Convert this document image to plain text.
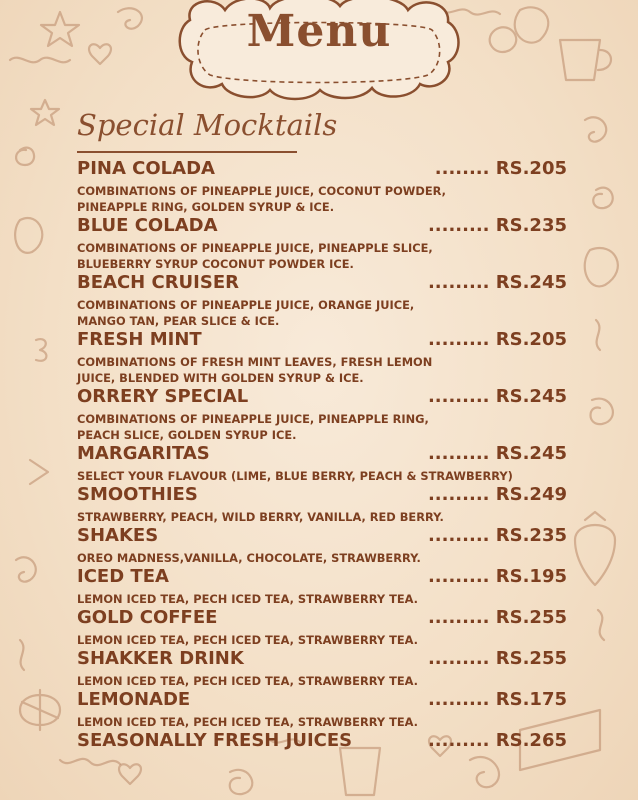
Menu
Special Mocktails
PINA COLADA	........ RS.205
COMBINATIONS OF PINEAPPLE JUICE, COCONUT POWDER,
PINEAPPLE RING, GOLDEN SYRUP & ICE.
BLUE COLADA	......... RS.235
COMBINATIONS OF PINEAPPLE JUICE, PINEAPPLE SLICE,
BLUEBERRY SYRUP COCONUT POWDER ICE.
BEACH CRUISER	......... RS.245
COMBINATIONS OF PINEAPPLE JUICE, ORANGE JUICE,
MANGO TAN, PEAR SLICE & ICE.
FRESH MINT	......... RS.205
COMBINATIONS OF FRESH MINT LEAVES, FRESH LEMON
JUICE, BLENDED WITH GOLDEN SYRUP & ICE.
ORRERY SPECIAL	......... RS.245
COMBINATIONS OF PINEAPPLE JUICE, PINEAPPLE RING,
PEACH SLICE, GOLDEN SYRUP ICE.
MARGARITAS	......... RS.245
SELECT YOUR FLAVOUR (LIME, BLUE BERRY, PEACH & STRAWBERRY)
SMOOTHIES	......... RS.249
STRAWBERRY, PEACH, WILD BERRY, VANILLA, RED BERRY.
SHAKES	......... RS.235
OREO MADNESS,VANILLA, CHOCOLATE, STRAWBERRY.
ICED TEA	......... RS.195
LEMON ICED TEA, PECH ICED TEA, STRAWBERRY TEA.
GOLD COFFEE	......... RS.255
LEMON ICED TEA, PECH ICED TEA, STRAWBERRY TEA.
SHAKKER DRINK	......... RS.255
LEMON ICED TEA, PECH ICED TEA, STRAWBERRY TEA.
LEMONADE	......... RS.175
LEMON ICED TEA, PECH ICED TEA, STRAWBERRY TEA.
SEASONALLY FRESH JUICES	......... RS.265
